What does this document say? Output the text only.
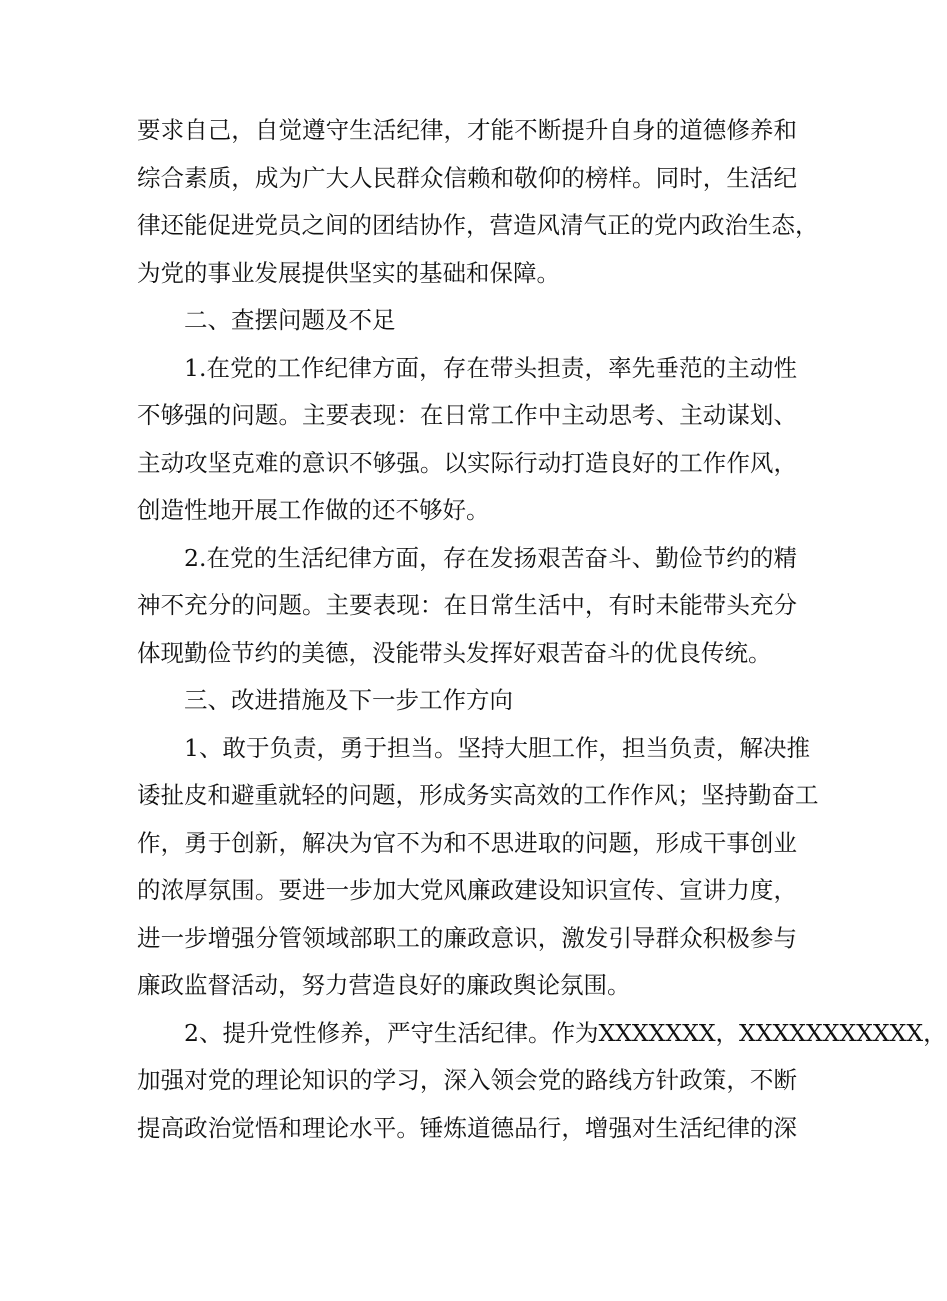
要求自己，自觉遵守生活纪律，才能不断提升自身的道德修养和
综合素质，成为广大人民群众信赖和敬仰的榜样。同时，生活纪
律还能促进党员之间的团结协作，营造风清气正的党内政治生态，
为党的事业发展提供坚实的基础和保障。
二、查摆问题及不足
1.在党的工作纪律方面，存在带头担责，率先垂范的主动性
不够强的问题。主要表现：在日常工作中主动思考、主动谋划、
主动攻坚克难的意识不够强。以实际行动打造良好的工作作风，
创造性地开展工作做的还不够好。
2.在党的生活纪律方面，存在发扬艰苦奋斗、勤俭节约的精
神不充分的问题。主要表现：在日常生活中，有时未能带头充分
体现勤俭节约的美德，没能带头发挥好艰苦奋斗的优良传统。
三、改进措施及下一步工作方向
1、敢于负责，勇于担当。坚持大胆工作，担当负责，解决推
诿扯皮和避重就轻的问题，形成务实高效的工作作风；坚持勤奋工
作，勇于创新，解决为官不为和不思进取的问题，形成干事创业
的浓厚氛围。要进一步加大党风廉政建设知识宣传、宣讲力度，
进一步增强分管领域部职工的廉政意识，激发引导群众积极参与
廉政监督活动，努力营造良好的廉政舆论氛围。
2、提升党性修养，严守生活纪律。作为XXXXXXX，XXXXXXXXXXX，
加强对党的理论知识的学习，深入领会党的路线方针政策，不断
提高政治觉悟和理论水平。锤炼道德品行，增强对生活纪律的深
